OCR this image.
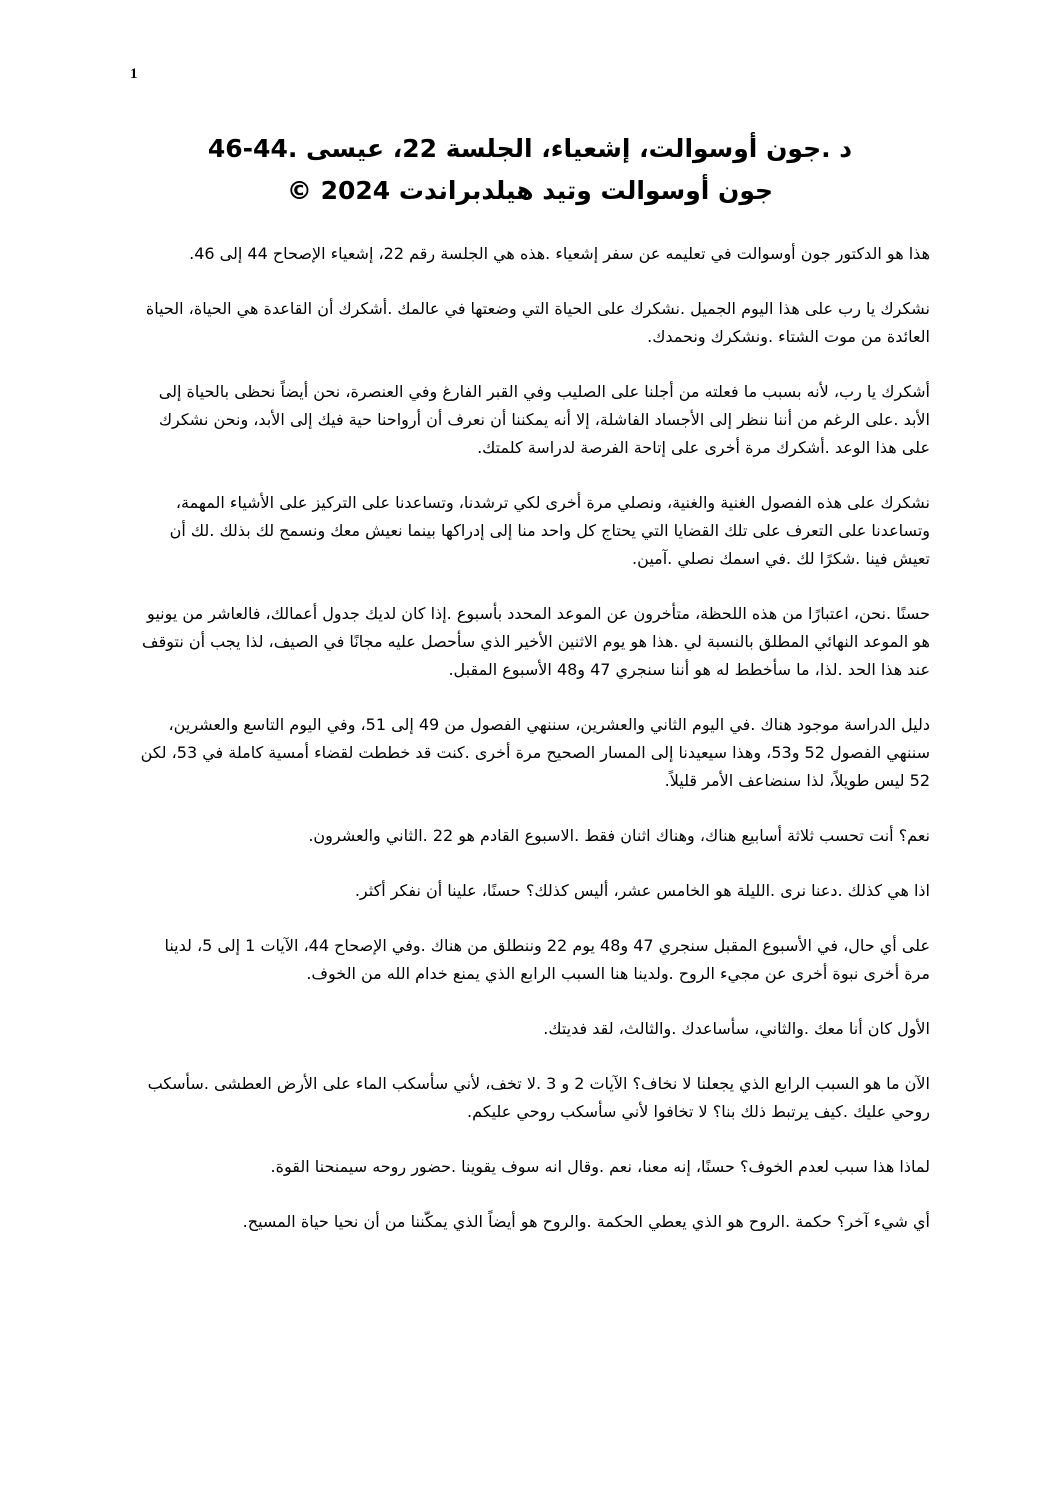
1
د .جون أوسوالت، إشعياء، الجلسة 22، عيسى .44-46
جون أوسوالت وتيد هيلدبراندت 2024 ©

هذا هو الدكتور جون أوسوالت في تعليمه عن سفر إشعياء .هذه هي الجلسة رقم 22، إشعياء الإصحاح 44 إلى 46.

نشكرك يا رب على هذا اليوم الجميل .نشكرك على الحياة التي وضعتها في عالمك .أشكرك أن القاعدة هي الحياة، الحياة العائدة من موت الشتاء .ونشكرك ونحمدك.

أشكرك يا رب، لأنه بسبب ما فعلته من أجلنا على الصليب وفي القبر الفارغ وفي العنصرة، نحن أيضاً نحظى بالحياة إلى الأبد .على الرغم من أننا ننظر إلى الأجساد الفاشلة، إلا أنه يمكننا أن نعرف أن أرواحنا حية فيك إلى الأبد، ونحن نشكرك على هذا الوعد .أشكرك مرة أخرى على إتاحة الفرصة لدراسة كلمتك.

نشكرك على هذه الفصول الغنية والغنية، ونصلي مرة أخرى لكي ترشدنا، وتساعدنا على التركيز على الأشياء المهمة، وتساعدنا على التعرف على تلك القضايا التي يحتاج كل واحد منا إلى إدراكها بينما نعيش معك ونسمح لك بذلك .لك أن تعيش فينا .شكرًا لك .في اسمك نصلي .آمين.

حسنًا .نحن، اعتبارًا من هذه اللحظة، متأخرون عن الموعد المحدد بأسبوع .إذا كان لديك جدول أعمالك، فالعاشر من يونيو هو الموعد النهائي المطلق بالنسبة لي .هذا هو يوم الاثنين الأخير الذي سأحصل عليه مجانًا في الصيف، لذا يجب أن نتوقف عند هذا الحد .لذا، ما سأخطط له هو أننا سنجري 47 و48 الأسبوع المقبل.

دليل الدراسة موجود هناك .في اليوم الثاني والعشرين، سننهي الفصول من 49 إلى 51، وفي اليوم التاسع والعشرين، سننهي الفصول 52 و53، وهذا سيعيدنا إلى المسار الصحيح مرة أخرى .كنت قد خططت لقضاء أمسية كاملة في 53، لكن 52 ليس طويلاً، لذا سنضاعف الأمر قليلاً.

نعم؟ أنت تحسب ثلاثة أسابيع هناك، وهناك اثنان فقط .الاسبوع القادم هو 22 .الثاني والعشرون.

اذا هي كذلك .دعنا نرى .الليلة هو الخامس عشر، أليس كذلك؟ حسنًا، علينا أن نفكر أكثر.

على أي حال، في الأسبوع المقبل سنجري 47 و48 يوم 22 وننطلق من هناك .وفي الإصحاح 44، الآيات 1 إلى 5، لدينا مرة أخرى نبوة أخرى عن مجيء الروح .ولدينا هنا السبب الرابع الذي يمنع خدام الله من الخوف.

الأول كان أنا معك .والثاني، سأساعدك .والثالث، لقد فديتك.

الآن ما هو السبب الرابع الذي يجعلنا لا نخاف؟ الآيات 2 و 3 .لا تخف، لأني سأسكب الماء على الأرض العطشى .سأسكب روحي عليك .كيف يرتبط ذلك بنا؟ لا تخافوا لأني سأسكب روحي عليكم.

لماذا هذا سبب لعدم الخوف؟ حسنًا، إنه معنا، نعم .وقال انه سوف يقوينا .حضور روحه سيمنحنا القوة.

أي شيء آخر؟ حكمة .الروح هو الذي يعطي الحكمة .والروح هو أيضاً الذي يمكّننا من أن نحيا حياة المسيح.
